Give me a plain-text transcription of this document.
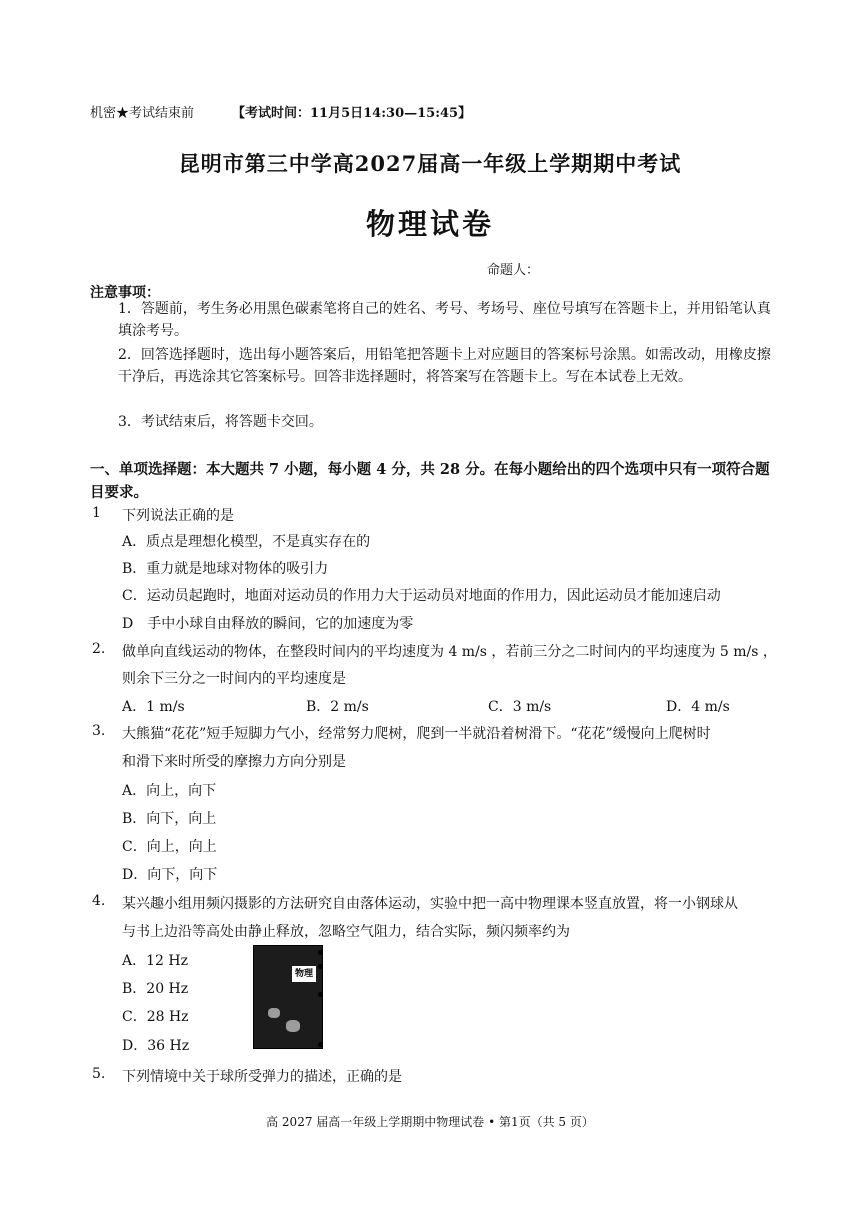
机密★考试结束前	【考试时间：11月5日14:30—15:45】
昆明市第三中学高2027届高一年级上学期期中考试
物理试卷
命题人：
注意事项：
1．答题前，考生务必用黑色碳素笔将自己的姓名、考号、考场号、座位号填写在答题卡上，并用铅笔认真填涂考号。
2．回答选择题时，选出每小题答案后，用铅笔把答题卡上对应题目的答案标号涂黑。如需改动，用橡皮擦干净后，再选涂其它答案标号。回答非选择题时，将答案写在答题卡上。写在本试卷上无效。
3．考试结束后，将答题卡交回。
一、单项选择题：本大题共 7 小题，每小题 4 分，共 28 分。在每小题给出的四个选项中只有一项符合题目要求。
1 下列说法正确的是
A．质点是理想化模型，不是真实存在的
B．重力就是地球对物体的吸引力
C．运动员起跑时，地面对运动员的作用力大于运动员对地面的作用力，因此运动员才能加速启动
D　手中小球自由释放的瞬间，它的加速度为零
2. 做单向直线运动的物体，在整段时间内的平均速度为 4 m/s ，若前三分之二时间内的平均速度为 5 m/s ，
则余下三分之一时间内的平均速度是
A．1 m/s	B．2 m/s	C．3 m/s	D．4 m/s
3. 大熊猫“花花”短手短脚力气小，经常努力爬树，爬到一半就沿着树滑下。“花花”缓慢向上爬树时
和滑下来时所受的摩擦力方向分别是
A．向上，向下
B．向下，向上
C．向上，向上
D．向下，向下
4. 某兴趣小组用频闪摄影的方法研究自由落体运动，实验中把一高中物理课本竖直放置，将一小钢球从
与书上边沿等高处由静止释放，忽略空气阻力，结合实际，频闪频率约为
A．12 Hz
B．20 Hz
C．28 Hz
D．36 Hz
物理
5. 下列情境中关于球所受弹力的描述，正确的是
高 2027 届高一年级上学期期中物理试卷 • 第1页（共 5 页）
